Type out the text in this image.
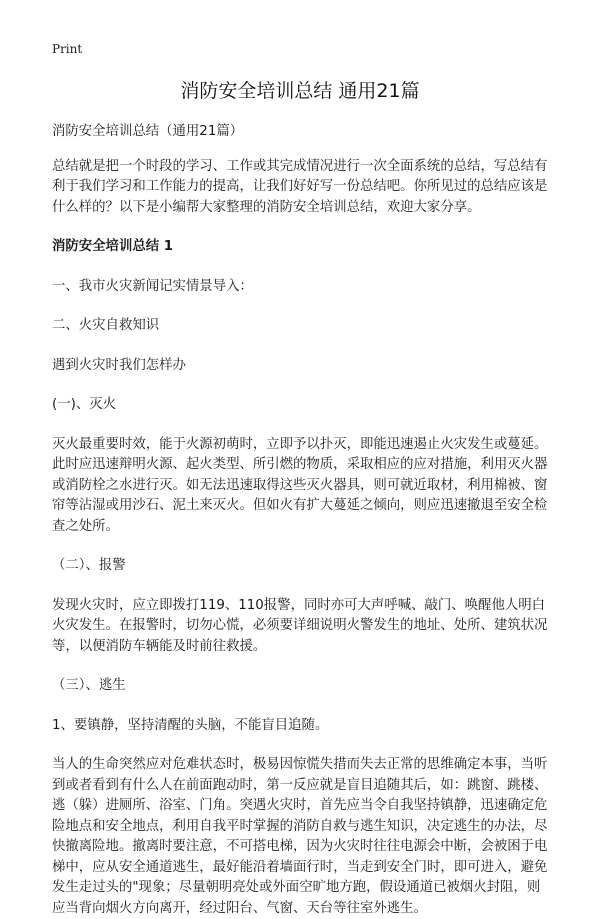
Print
消防安全培训总结 通用21篇

消防安全培训总结（通用21篇）

总结就是把一个时段的学习、工作或其完成情况进行一次全面系统的总结，写总结有利于我们学习和工作能力的提高，让我们好好写一份总结吧。你所见过的总结应该是什么样的？以下是小编帮大家整理的消防安全培训总结，欢迎大家分享。

消防安全培训总结 1

一、我市火灾新闻记实情景导入：

二、火灾自救知识

遇到火灾时我们怎样办

(一)、灭火

灭火最重要时效，能于火源初萌时，立即予以扑灭，即能迅速遏止火灾发生或蔓延。此时应迅速辩明火源、起火类型、所引燃的物质，采取相应的应对措施，利用灭火器或消防栓之水进行灭。如无法迅速取得这些灭火器具，则可就近取材，利用棉被、窗帘等沾湿或用沙石、泥土来灭火。但如火有扩大蔓延之倾向，则应迅速撤退至安全检查之处所。

（二）、报警

发现火灾时，应立即拨打119、110报警，同时亦可大声呼喊、敲门、唤醒他人明白火灾发生。在报警时，切勿心慌，必须要详细说明火警发生的地址、处所、建筑状况等，以便消防车辆能及时前往救援。

（三）、逃生

1、要镇静，坚持清醒的头脑，不能盲目追随。

当人的生命突然应对危难状态时，极易因惊慌失措而失去正常的思维确定本事，当听到或者看到有什么人在前面跑动时，第一反应就是盲目追随其后，如：跳窗、跳楼、逃（躲）进厕所、浴室、门角。突遇火灾时，首先应当令自我坚持镇静，迅速确定危险地点和安全地点，利用自我平时掌握的消防自救与逃生知识，决定逃生的办法，尽快撤离险地。撤离时要注意，不可搭电梯，因为火灾时往往电源会中断，会被困于电梯中，应从安全通道逃生，最好能沿着墙面行时，当走到安全门时，即可进入，避免发生走过头的"现象；尽量朝明亮处或外面空旷地方跑，假设通道已被烟火封阻，则应当背向烟火方向离开，经过阳台、气窗、天台等往室外逃生。
